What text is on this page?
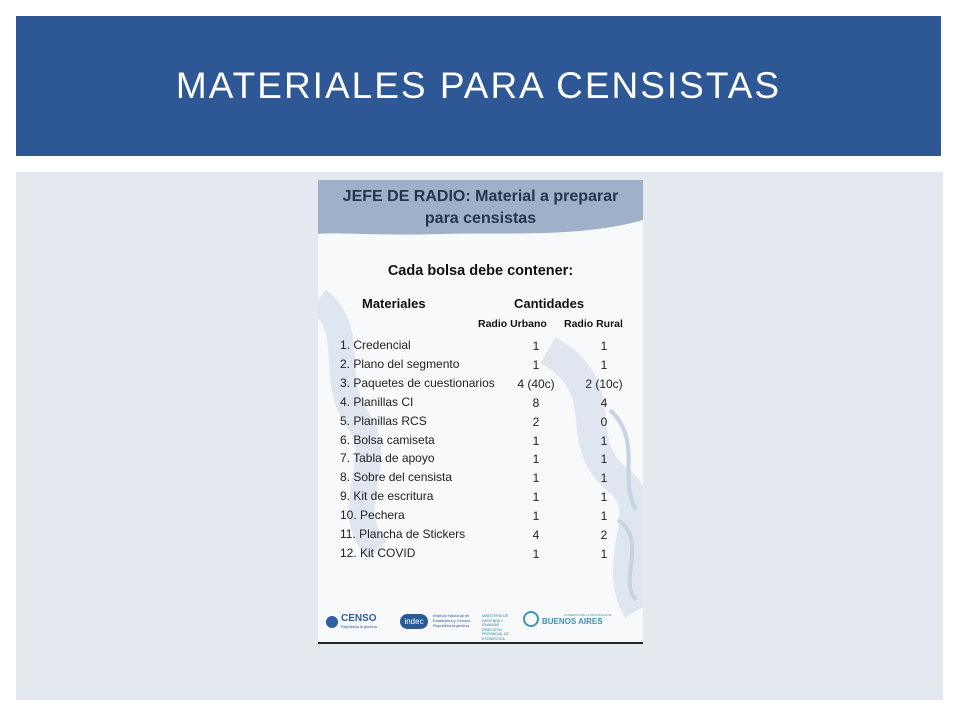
MATERIALES PARA CENSISTAS
JEFE DE RADIO: Material a preparar
para censistas
Cada bolsa debe contener:
Materiales	Cantidades
Radio Urbano Radio Rural
1. Credencial	1	1
2. Plano del segmento	1	1
3. Paquetes de cuestionarios	4 (40c)	2 (10c)
4. Planillas CI	8	4
5. Planillas RCS	2	0
6. Bolsa camiseta	1	1
7. Tabla de apoyo	1	1
8. Sobre del censista	1	1
9. Kit de escritura	1	1
10. Pechera	1	1
11. Plancha de Stickers	4	2
12. Kit COVID	1	1
CENSO
República Argentina
indec
Instituto Nacional de Estadística y Censos República Argentina
MINISTERIO DE HACIENDA Y FINANZAS DIRECCIÓN PROVINCIAL DE ESTADÍSTICA
GOBIERNO DE LA PROVINCIA DE
BUENOS AIRES
